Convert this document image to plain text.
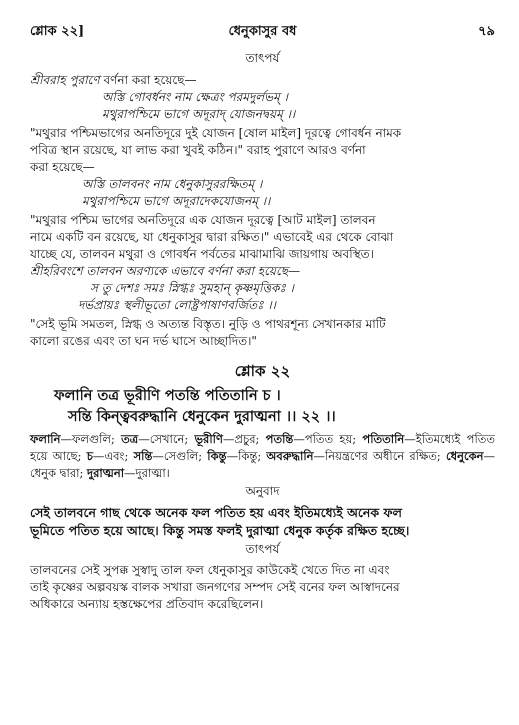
শ্লোক ২২]	ধেনুকাসুর বধ	৭৯
তাৎপর্য
শ্রীবরাহ পুরাণে বর্ণনা করা হয়েছে—
অস্তি গোবর্ধনং নাম ক্ষেত্রং পরমদুর্লভম্ ।
মথুরাপশ্চিমে ভাগে অদূরাদ্ যোজনদ্বয়ম্ ।।
"মথুরার পশ্চিমভাগের অনতিদূরে দুই যোজন [ষোল মাইল] দূরত্বে গোবর্ধন নামক
পবিত্র স্থান রয়েছে, যা লাভ করা খুবই কঠিন।" বরাহ পুরাণে আরও বর্ণনা
করা হয়েছে—
অস্তি তালবনং নাম ধেনুকাসুররক্ষিতম্ ।
মথুরাপশ্চিমে ভাগে অদূরাদেকযোজনম্ ।।
"মথুরার পশ্চিম ভাগের অনতিদূরে এক যোজন দূরত্বে [আট মাইল] তালবন
নামে একটি বন রয়েছে, যা ধেনুকাসুর দ্বারা রক্ষিত।" এভাবেই এর থেকে বোঝা
যাচ্ছে যে, তালবন মথুরা ও গোবর্ধন পর্বতের মাঝামাঝি জায়গায় অবস্থিত।
শ্রীহরিবংশে তালবন অরণ্যকে এভাবে বর্ণনা করা হয়েছে—
স তু দেশঃ সমঃ স্নিগ্ধঃ সুমহান্ কৃষ্ণমৃত্তিকঃ ।
দর্ভপ্রায়ঃ স্থলীভূতো লোষ্ট্রপাষাণবর্জিতঃ ।।
"সেই ভূমি সমতল, স্নিগ্ধ ও অত্যন্ত বিস্তৃত। নুড়ি ও পাথরশূন্য সেখানকার মাটি
কালো রঙের এবং তা ঘন দর্ভ ঘাসে আচ্ছাদিত।"
শ্লোক ২২
ফলানি তত্র ভূরীণি পতন্তি পতিতানি চ ।
সন্তি কিন্ত্ববরুদ্ধানি ধেনুকেন দুরাত্মনা ।। ২২ ।।
ফলানি—ফলগুলি; তত্র—সেখানে; ভূরীণি—প্রচুর; পতন্তি—পতিত হয়; পতিতানি—ইতিমধ্যেই পতিত হয়ে আছে; চ—এবং; সন্তি—সেগুলি; কিন্তু—কিন্তু; অবরুদ্ধানি—নিয়ন্ত্রণের অধীনে রক্ষিত; ধেনুকেন—ধেনুক দ্বারা; দুরাত্মনা—দুরাত্মা।
অনুবাদ
সেই তালবনে গাছ থেকে অনেক ফল পতিত হয় এবং ইতিমধ্যেই অনেক ফল
ভূমিতে পতিত হয়ে আছে। কিন্তু সমস্ত ফলই দুরাত্মা ধেনুক কর্তৃক রক্ষিত হচ্ছে।
তাৎপর্য
তালবনের সেই সুপক্ক সুস্বাদু তাল ফল ধেনুকাসুর কাউকেই খেতে দিত না এবং
তাই কৃষ্ণের অল্পবয়স্ক বালক সখারা জনগণের সম্পদ সেই বনের ফল আস্বাদনের
অধিকারে অন্যায় হস্তক্ষেপের প্রতিবাদ করেছিলেন।
